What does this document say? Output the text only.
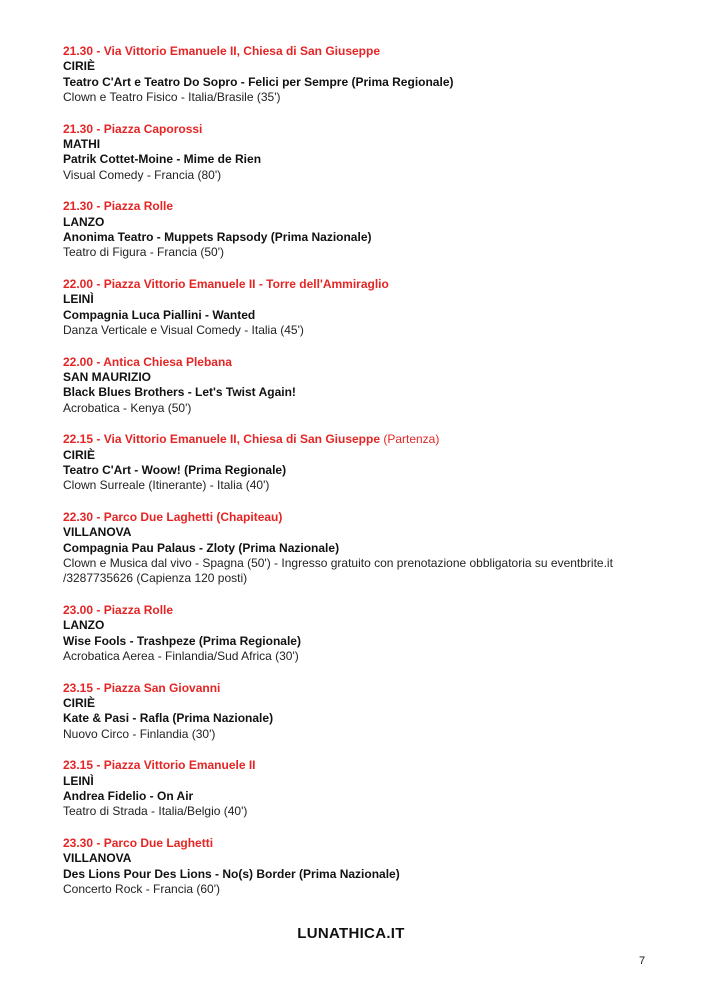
21.30 - Via Vittorio Emanuele II, Chiesa di San Giuseppe
CIRIÈ
Teatro C'Art e Teatro Do Sopro - Felici per Sempre (Prima Regionale)
Clown e Teatro Fisico - Italia/Brasile (35')
21.30 - Piazza Caporossi
MATHI
Patrik Cottet-Moine - Mime de Rien
Visual Comedy - Francia (80')
21.30 - Piazza Rolle
LANZO
Anonima Teatro - Muppets Rapsody (Prima Nazionale)
Teatro di Figura - Francia (50')
22.00 - Piazza Vittorio Emanuele II - Torre dell'Ammiraglio
LEINÌ
Compagnia Luca Piallini - Wanted
Danza Verticale e Visual Comedy - Italia (45')
22.00 - Antica Chiesa Plebana
SAN MAURIZIO
Black Blues Brothers - Let's Twist Again!
Acrobatica - Kenya (50')
22.15 - Via Vittorio Emanuele II, Chiesa di San Giuseppe (Partenza)
CIRIÈ
Teatro C'Art - Woow! (Prima Regionale)
Clown Surreale (Itinerante) - Italia (40')
22.30 - Parco Due Laghetti (Chapiteau)
VILLANOVA
Compagnia Pau Palaus - Zloty (Prima Nazionale)
Clown e Musica dal vivo - Spagna (50') - Ingresso gratuito con prenotazione obbligatoria su eventbrite.it /3287735626 (Capienza 120 posti)
23.00 - Piazza Rolle
LANZO
Wise Fools - Trashpeze (Prima Regionale)
Acrobatica Aerea - Finlandia/Sud Africa (30')
23.15 - Piazza San Giovanni
CIRIÈ
Kate & Pasi - Rafla (Prima Nazionale)
Nuovo Circo - Finlandia (30')
23.15 - Piazza Vittorio Emanuele II
LEINÌ
Andrea Fidelio - On Air
Teatro di Strada - Italia/Belgio (40')
23.30 - Parco Due Laghetti
VILLANOVA
Des Lions Pour Des Lions - No(s) Border (Prima Nazionale)
Concerto Rock - Francia (60')
LUNATHICA.IT
7
